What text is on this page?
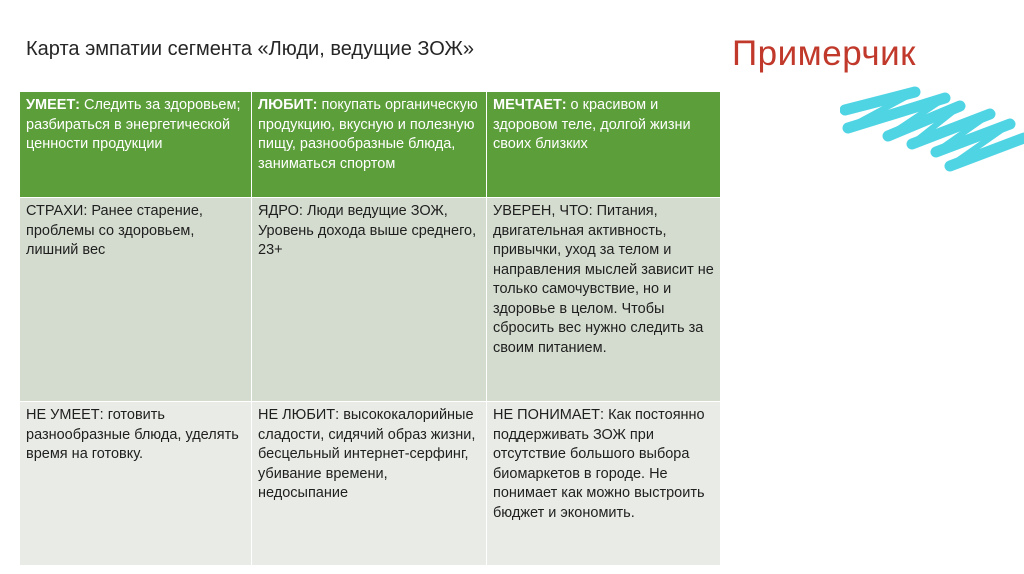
Карта эмпатии сегмента «Люди, ведущие ЗОЖ»	Примерчик
УМЕЕТ: Следить за здоровьем; разбираться в энергетической ценности продукции	ЛЮБИТ: покупать органическую продукцию, вкусную и полезную пищу, разнообразные блюда, заниматься спортом	МЕЧТАЕТ: о красивом и здоровом теле, долгой жизни своих близких
СТРАХИ: Ранее старение, проблемы со здоровьем, лишний вес	ЯДРО: Люди ведущие ЗОЖ, Уровень дохода выше среднего, 23+	УВЕРЕН, ЧТО: Питания, двигательная активность, привычки, уход за телом и направления мыслей зависит не только самочувствие, но и здоровье в целом. Чтобы сбросить вес нужно следить за своим питанием.
НЕ УМЕЕТ: готовить разнообразные блюда, уделять время на готовку.	НЕ ЛЮБИТ: высококалорийные сладости, сидячий образ жизни, бесцельный интернет-серфинг, убивание времени, недосыпание	НЕ ПОНИМАЕТ: Как постоянно поддерживать ЗОЖ при отсутствие большого выбора биомаркетов в городе. Не понимает как можно выстроить бюджет и экономить.
